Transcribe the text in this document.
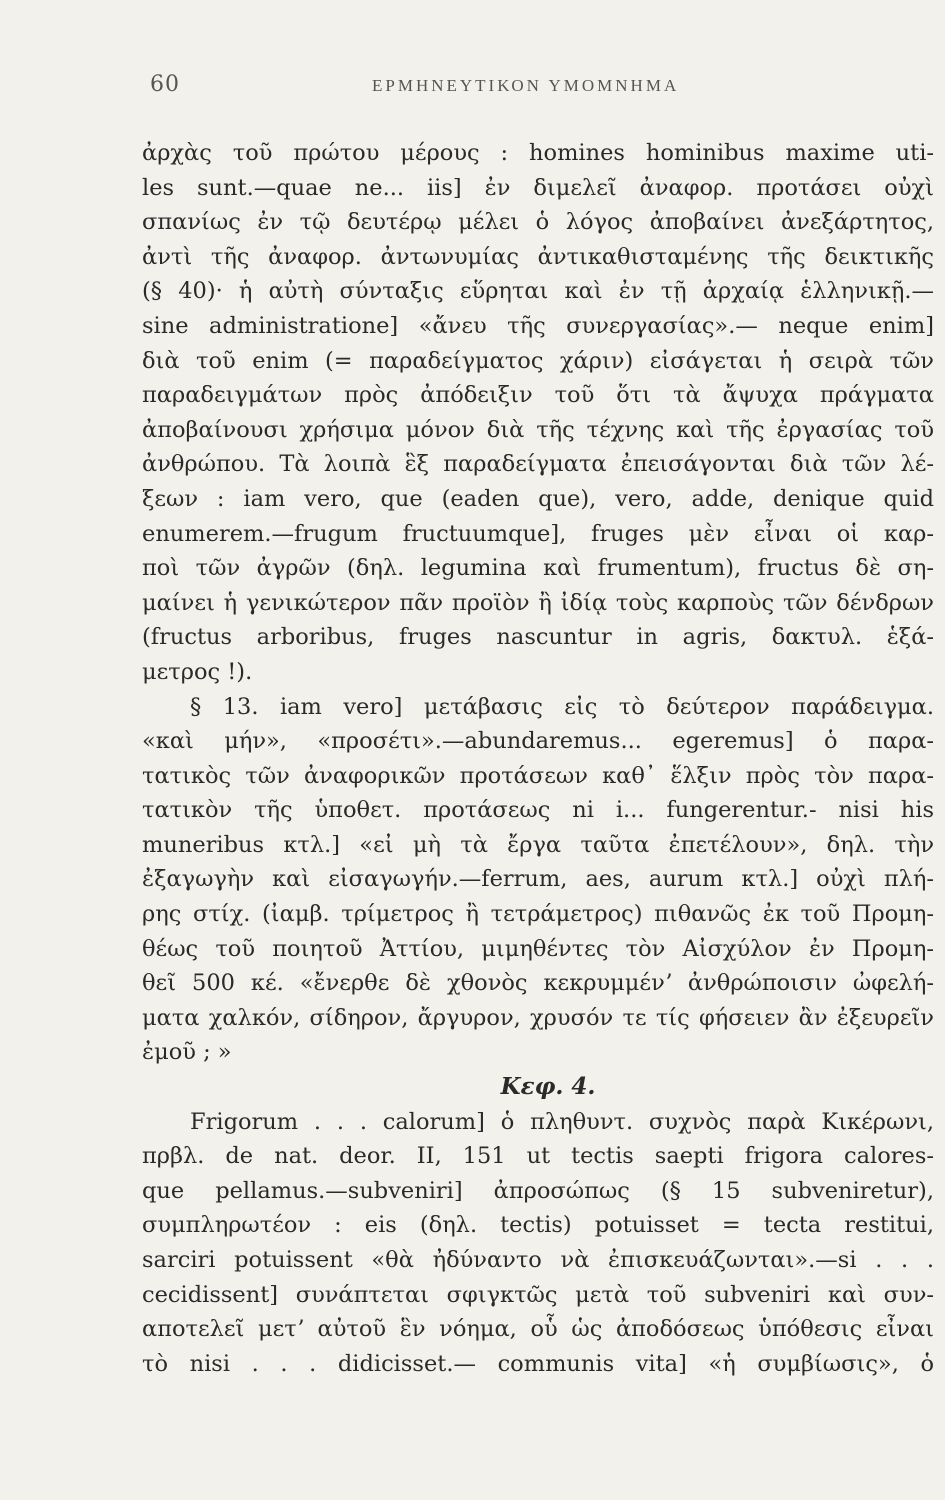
60	ΕΡΜΗΝΕΥΤΙΚΟΝ ΥΜΟΜΝΗΜΑ
ἀρχὰς τοῦ πρώτου μέρους : homines hominibus maxime uti-
les sunt.—quae ne... iis] ἐν διμελεῖ ἀναφορ. προτάσει οὐχὶ
σπανίως ἐν τῷ δευτέρῳ μέλει ὁ λόγος ἀποβαίνει ἀνεξάρτητος,
ἀντὶ τῆς ἀναφορ. ἀντωνυμίας ἀντικαθισταμένης τῆς δεικτικῆς
(§ 40)· ἡ αὐτὴ σύνταξις εὕρηται καὶ ἐν τῇ ἀρχαίᾳ ἑλληνικῇ.—
sine administratione] «ἄνευ τῆς συνεργασίας».— neque enim]
διὰ τοῦ enim (= παραδείγματος χάριν) εἰσάγεται ἡ σειρὰ τῶν
παραδειγμάτων πρὸς ἀπόδειξιν τοῦ ὅτι τὰ ἄψυχα πράγματα
ἀποβαίνουσι χρήσιμα μόνον διὰ τῆς τέχνης καὶ τῆς ἐργασίας τοῦ
ἀνθρώπου. Τὰ λοιπὰ ἓξ παραδείγματα ἐπεισάγονται διὰ τῶν λέ-
ξεων : iam vero, que (eaden que), vero, adde, denique quid
enumerem.—frugum fructuumque], fruges μὲν εἶναι οἱ καρ-
ποὶ τῶν ἀγρῶν (δηλ. legumina καὶ frumentum), fructus δὲ ση-
μαίνει ἡ γενικώτερον πᾶν προϊὸν ἢ ἰδίᾳ τοὺς καρποὺς τῶν δένδρων
(fructus arboribus, fruges nascuntur in agris, δακτυλ. ἑξά-
μετρος !).
§ 13. iam vero] μετάβασις εἰς τὸ δεύτερον παράδειγμα.
«καὶ μήν», «προσέτι».—abundaremus... egeremus] ὁ παρα-
τατικὸς τῶν ἀναφορικῶν προτάσεων καθ᾽ ἕλξιν πρὸς τὸν παρα-
τατικὸν τῆς ὑποθετ. προτάσεως ni i... fungerentur.- nisi his
muneribus κτλ.] «εἰ μὴ τὰ ἔργα ταῦτα ἐπετέλουν», δηλ. τὴν
ἐξαγωγὴν καὶ εἰσαγωγήν.—ferrum, aes, aurum κτλ.] οὐχὶ πλή-
ρης στίχ. (ἰαμβ. τρίμετρος ἢ τετράμετρος) πιθανῶς ἐκ τοῦ Προμη-
θέως τοῦ ποιητοῦ Ἀττίου, μιμηθέντες τὸν Αἰσχύλον ἐν Προμη-
θεῖ 500 κέ. «ἔνερθε δὲ χθονὸς κεκρυμμένʼ ἀνθρώποισιν ὠφελή-
ματα χαλκόν, σίδηρον, ἄργυρον, χρυσόν τε τίς φήσειεν ἂν ἐξευρεῖν
ἐμοῦ ; »
Κεφ. 4.
Frigorum . . . calorum] ὁ πληθυντ. συχνὸς παρὰ Κικέρωνι,
πρβλ. de nat. deor. II, 151 ut tectis saepti frigora calores-
que pellamus.—subveniri] ἀπροσώπως (§ 15 subveniretur),
συμπληρωτέον : eis (δηλ. tectis) potuisset = tecta restitui,
sarciri potuissent «θὰ ἠδύναντο νὰ ἐπισκευάζωνται».—si . . .
cecidissent] συνάπτεται σφιγκτῶς μετὰ τοῦ subveniri καὶ συν-
αποτελεῖ μετʼ αὐτοῦ ἓν νόημα, οὗ ὡς ἀποδόσεως ὑπόθεσις εἶναι
τὸ nisi . . . didicisset.— communis vita] «ἡ συμβίωσις», ὁ
